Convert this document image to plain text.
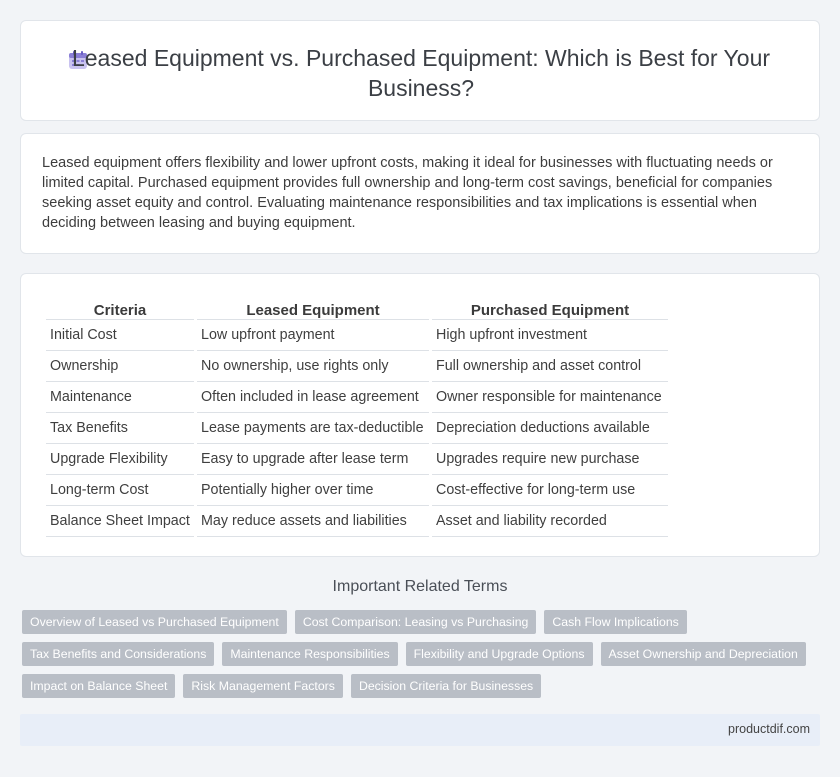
Leased Equipment vs. Purchased Equipment: Which is Best for Your Business?

Leased equipment offers flexibility and lower upfront costs, making it ideal for businesses with fluctuating needs or limited capital. Purchased equipment provides full ownership and long-term cost savings, beneficial for companies seeking asset equity and control. Evaluating maintenance responsibilities and tax implications is essential when deciding between leasing and buying equipment.

Criteria	Leased Equipment	Purchased Equipment
Initial Cost	Low upfront payment	High upfront investment
Ownership	No ownership, use rights only	Full ownership and asset control
Maintenance	Often included in lease agreement	Owner responsible for maintenance
Tax Benefits	Lease payments are tax-deductible	Depreciation deductions available
Upgrade Flexibility	Easy to upgrade after lease term	Upgrades require new purchase
Long-term Cost	Potentially higher over time	Cost-effective for long-term use
Balance Sheet Impact	May reduce assets and liabilities	Asset and liability recorded
Important Related Terms
Overview of Leased vs Purchased Equipment	Cost Comparison: Leasing vs Purchasing	Cash Flow Implications
Tax Benefits and Considerations	Maintenance Responsibilities	Flexibility and Upgrade Options	Asset Ownership and Depreciation
Impact on Balance Sheet	Risk Management Factors	Decision Criteria for Businesses
productdif.com
